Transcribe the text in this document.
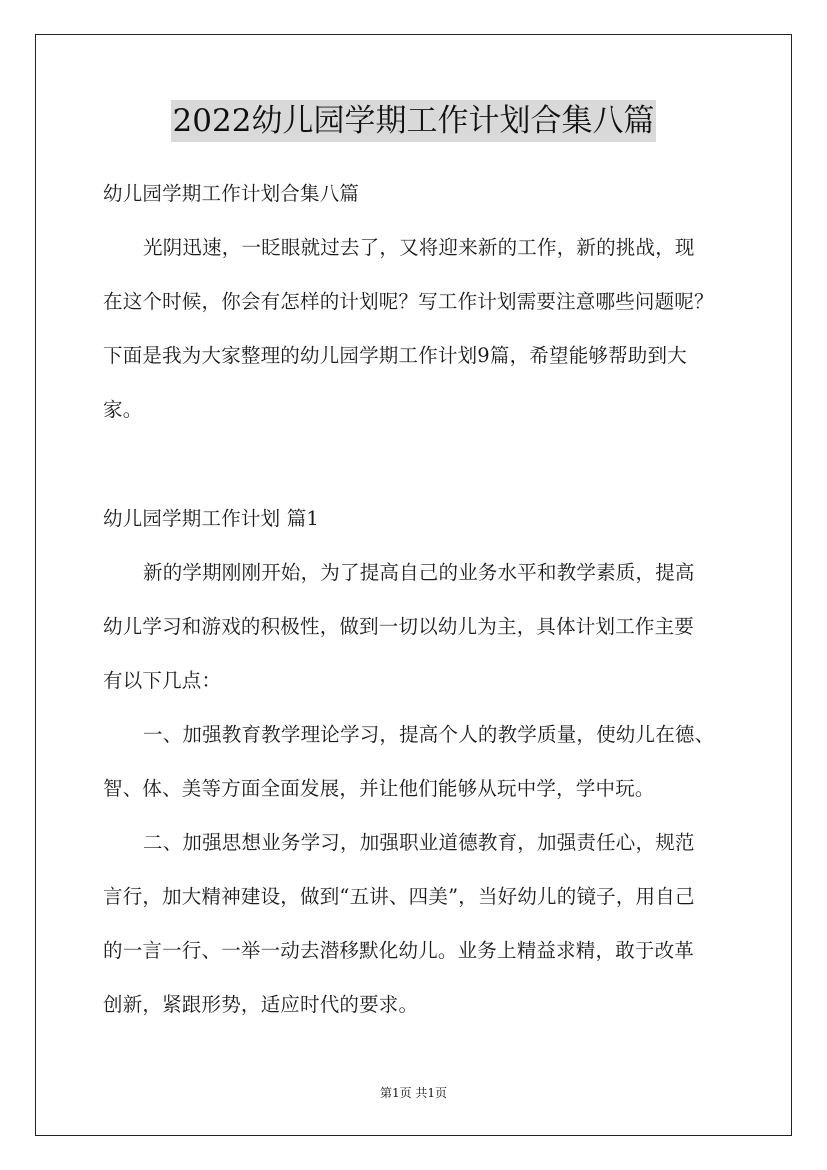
2022幼儿园学期工作计划合集八篇
幼儿园学期工作计划合集八篇
光阴迅速，一眨眼就过去了，又将迎来新的工作，新的挑战，现
在这个时候，你会有怎样的计划呢？写工作计划需要注意哪些问题呢？
下面是我为大家整理的幼儿园学期工作计划9篇，希望能够帮助到大
家。
幼儿园学期工作计划 篇1
新的学期刚刚开始，为了提高自己的业务水平和教学素质，提高
幼儿学习和游戏的积极性，做到一切以幼儿为主，具体计划工作主要
有以下几点：
一、加强教育教学理论学习，提高个人的教学质量，使幼儿在德、
智、体、美等方面全面发展，并让他们能够从玩中学，学中玩。
二、加强思想业务学习，加强职业道德教育，加强责任心，规范
言行，加大精神建设，做到“五讲、四美”，当好幼儿的镜子，用自己
的一言一行、一举一动去潜移默化幼儿。业务上精益求精，敢于改革
创新，紧跟形势，适应时代的要求。
第1页 共1页
